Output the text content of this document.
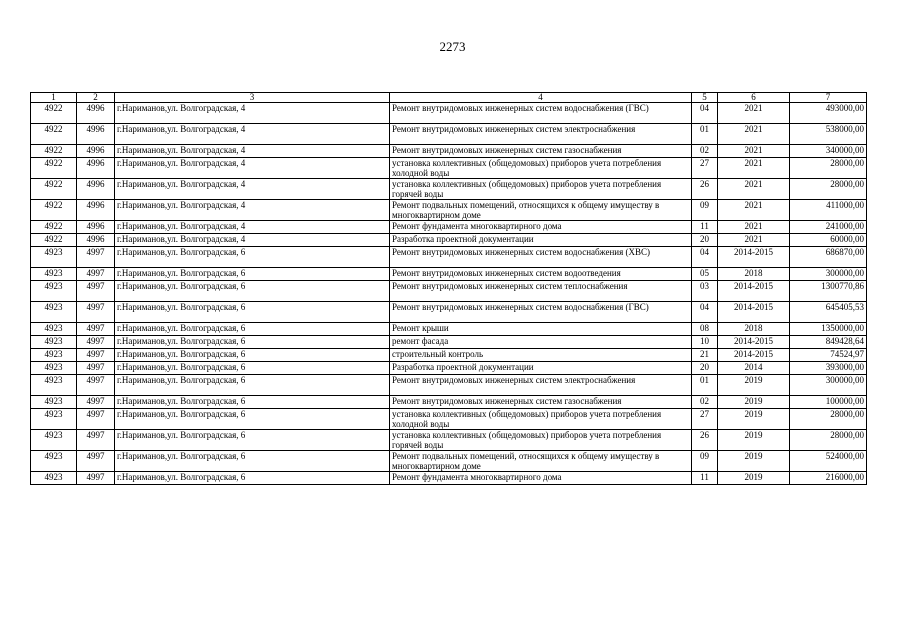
2273
1	2	3	4	5	6	7
4922	4996	г.Нариманов,ул. Волгоградская, 4	Ремонт внутридомовых инженерных систем водоснабжения (ГВС)	04	2021	493000,00
4922	4996	г.Нариманов,ул. Волгоградская, 4	Ремонт внутридомовых инженерных систем электроснабжения	01	2021	538000,00
4922	4996	г.Нариманов,ул. Волгоградская, 4	Ремонт внутридомовых инженерных систем газоснабжения	02	2021	340000,00
4922	4996	г.Нариманов,ул. Волгоградская, 4	установка коллективных (общедомовых) приборов учета потребления холодной воды	27	2021	28000,00
4922	4996	г.Нариманов,ул. Волгоградская, 4	установка коллективных (общедомовых) приборов учета потребления горячей воды	26	2021	28000,00
4922	4996	г.Нариманов,ул. Волгоградская, 4	Ремонт подвальных помещений, относящихся к общему имуществу в многоквартирном доме	09	2021	411000,00
4922	4996	г.Нариманов,ул. Волгоградская, 4	Ремонт фундамента многоквартирного дома	11	2021	241000,00
4922	4996	г.Нариманов,ул. Волгоградская, 4	Разработка проектной документации	20	2021	60000,00
4923	4997	г.Нариманов,ул. Волгоградская, 6	Ремонт внутридомовых инженерных систем водоснабжения (ХВС)	04	2014-2015	686870,00
4923	4997	г.Нариманов,ул. Волгоградская, 6	Ремонт внутридомовых инженерных систем водоотведения	05	2018	300000,00
4923	4997	г.Нариманов,ул. Волгоградская, 6	Ремонт внутридомовых инженерных систем теплоснабжения	03	2014-2015	1300770,86
4923	4997	г.Нариманов,ул. Волгоградская, 6	Ремонт внутридомовых инженерных систем водоснабжения (ГВС)	04	2014-2015	645405,53
4923	4997	г.Нариманов,ул. Волгоградская, 6	Ремонт крыши	08	2018	1350000,00
4923	4997	г.Нариманов,ул. Волгоградская, 6	ремонт фасада	10	2014-2015	849428,64
4923	4997	г.Нариманов,ул. Волгоградская, 6	строительный контроль	21	2014-2015	74524,97
4923	4997	г.Нариманов,ул. Волгоградская, 6	Разработка проектной документации	20	2014	393000,00
4923	4997	г.Нариманов,ул. Волгоградская, 6	Ремонт внутридомовых инженерных систем электроснабжения	01	2019	300000,00
4923	4997	г.Нариманов,ул. Волгоградская, 6	Ремонт внутридомовых инженерных систем газоснабжения	02	2019	100000,00
4923	4997	г.Нариманов,ул. Волгоградская, 6	установка коллективных (общедомовых) приборов учета потребления холодной воды	27	2019	28000,00
4923	4997	г.Нариманов,ул. Волгоградская, 6	установка коллективных (общедомовых) приборов учета потребления горячей воды	26	2019	28000,00
4923	4997	г.Нариманов,ул. Волгоградская, 6	Ремонт подвальных помещений, относящихся к общему имуществу в многоквартирном доме	09	2019	524000,00
4923	4997	г.Нариманов,ул. Волгоградская, 6	Ремонт фундамента многоквартирного дома	11	2019	216000,00
